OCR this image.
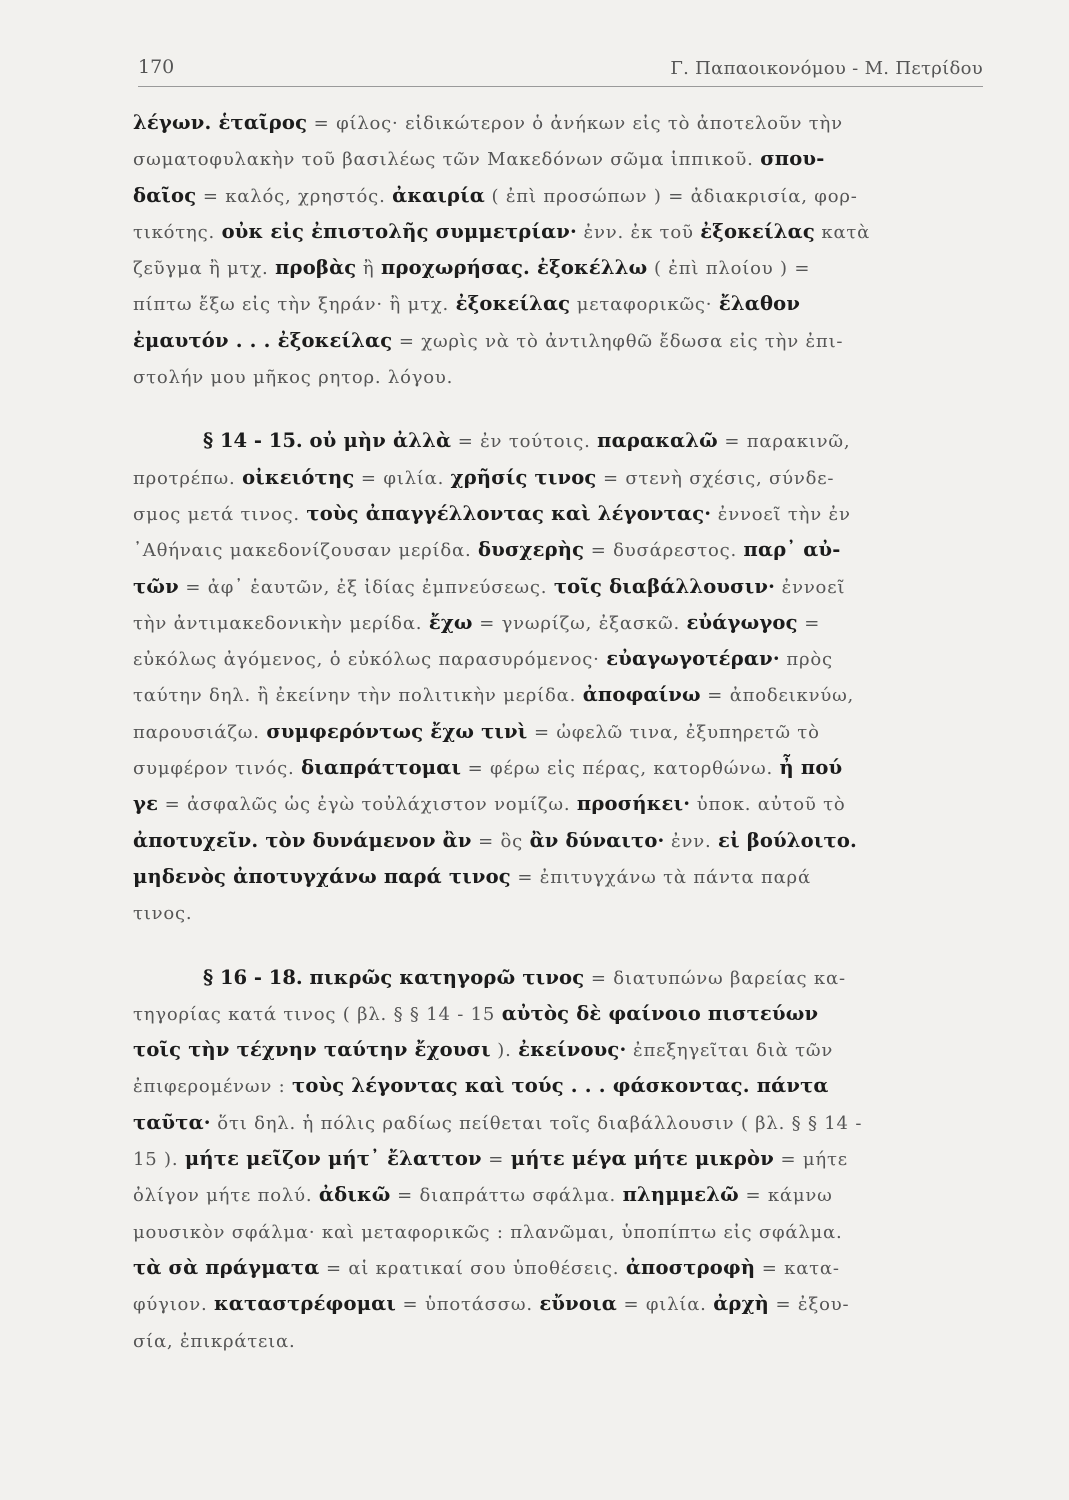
170	Γ. Παπαοικονόμου - Μ. Πετρίδου

λέγων. ἑταῖρος = φίλος· εἰδικώτερον ὁ ἀνήκων εἰς τὸ ἀποτελοῦν τὴν
σωματοφυλακὴν τοῦ βασιλέως τῶν Μακεδόνων σῶμα ἱππικοῦ. σπου-
δαῖος = καλός, χρηστός. ἀκαιρία ( ἐπὶ προσώπων ) = ἀδιακρισία, φορ-
τικότης. οὐκ εἰς ἐπιστολῆς συμμετρίαν· ἐνν. ἐκ τοῦ ἐξοκείλας κατὰ
ζεῦγμα ἢ μτχ. προβὰς ἢ προχωρήσας. ἐξοκέλλω ( ἐπὶ πλοίου ) =
πίπτω ἔξω εἰς τὴν ξηράν· ἢ μτχ. ἐξοκείλας μεταφορικῶς· ἔλαθον
ἐμαυτόν . . . ἐξοκείλας = χωρὶς νὰ τὸ ἀντιληφθῶ ἔδωσα εἰς τὴν ἐπι-
στολήν μου μῆκος ρητορ. λόγου.

§ 14 - 15. οὐ μὴν ἀλλὰ = ἐν τούτοις. παρακαλῶ = παρακινῶ,
προτρέπω. οἰκειότης = φιλία. χρῆσίς τινος = στενὴ σχέσις, σύνδε-
σμος μετά τινος. τοὺς ἀπαγγέλλοντας καὶ λέγοντας· ἐννοεῖ τὴν ἐν
᾿Αθήναις μακεδονίζουσαν μερίδα. δυσχερὴς = δυσάρεστος. παρ᾿ αὐ-
τῶν = ἀφ᾿ ἑαυτῶν, ἐξ ἰδίας ἐμπνεύσεως. τοῖς διαβάλλουσιν· ἐννοεῖ
τὴν ἀντιμακεδονικὴν μερίδα. ἔχω = γνωρίζω, ἐξασκῶ. εὐάγωγος =
εὐκόλως ἀγόμενος, ὁ εὐκόλως παρασυρόμενος· εὐαγωγοτέραν· πρὸς
ταύτην δηλ. ἢ ἐκείνην τὴν πολιτικὴν μερίδα. ἀποφαίνω = ἀποδεικνύω,
παρουσιάζω. συμφερόντως ἔχω τινὶ = ὠφελῶ τινα, ἐξυπηρετῶ τὸ
συμφέρον τινός. διαπράττομαι = φέρω εἰς πέρας, κατορθώνω. ἦ πού
γε = ἀσφαλῶς ὡς ἐγὼ τοὐλάχιστον νομίζω. προσήκει· ὑποκ. αὐτοῦ τὸ
ἀποτυχεῖν. τὸν δυνάμενον ἂν = ὃς ἂν δύναιτο· ἐνν. εἰ βούλοιτο.
μηδενὸς ἀποτυγχάνω παρά τινος = ἐπιτυγχάνω τὰ πάντα παρά
τινος.

§ 16 - 18. πικρῶς κατηγορῶ τινος = διατυπώνω βαρείας κα-
τηγορίας κατά τινος ( βλ. § § 14 - 15 αὐτὸς δὲ φαίνοιο πιστεύων
τοῖς τὴν τέχνην ταύτην ἔχουσι ). ἐκείνους· ἐπεξηγεῖται διὰ τῶν
ἐπιφερομένων : τοὺς λέγοντας καὶ τούς . . . φάσκοντας. πάντα
ταῦτα· ὅτι δηλ. ἡ πόλις ραδίως πείθεται τοῖς διαβάλλουσιν ( βλ. § § 14 -
15 ). μήτε μεῖζον μήτ᾿ ἔλαττον = μήτε μέγα μήτε μικρὸν = μήτε
ὀλίγον μήτε πολύ. ἀδικῶ = διαπράττω σφάλμα. πλημμελῶ = κάμνω
μουσικὸν σφάλμα· καὶ μεταφορικῶς : πλανῶμαι, ὑποπίπτω εἰς σφάλμα.
τὰ σὰ πράγματα = αἱ κρατικαί σου ὑποθέσεις. ἀποστροφὴ = κατα-
φύγιον. καταστρέφομαι = ὑποτάσσω. εὔνοια = φιλία. ἀρχὴ = ἐξου-
σία, ἐπικράτεια.
